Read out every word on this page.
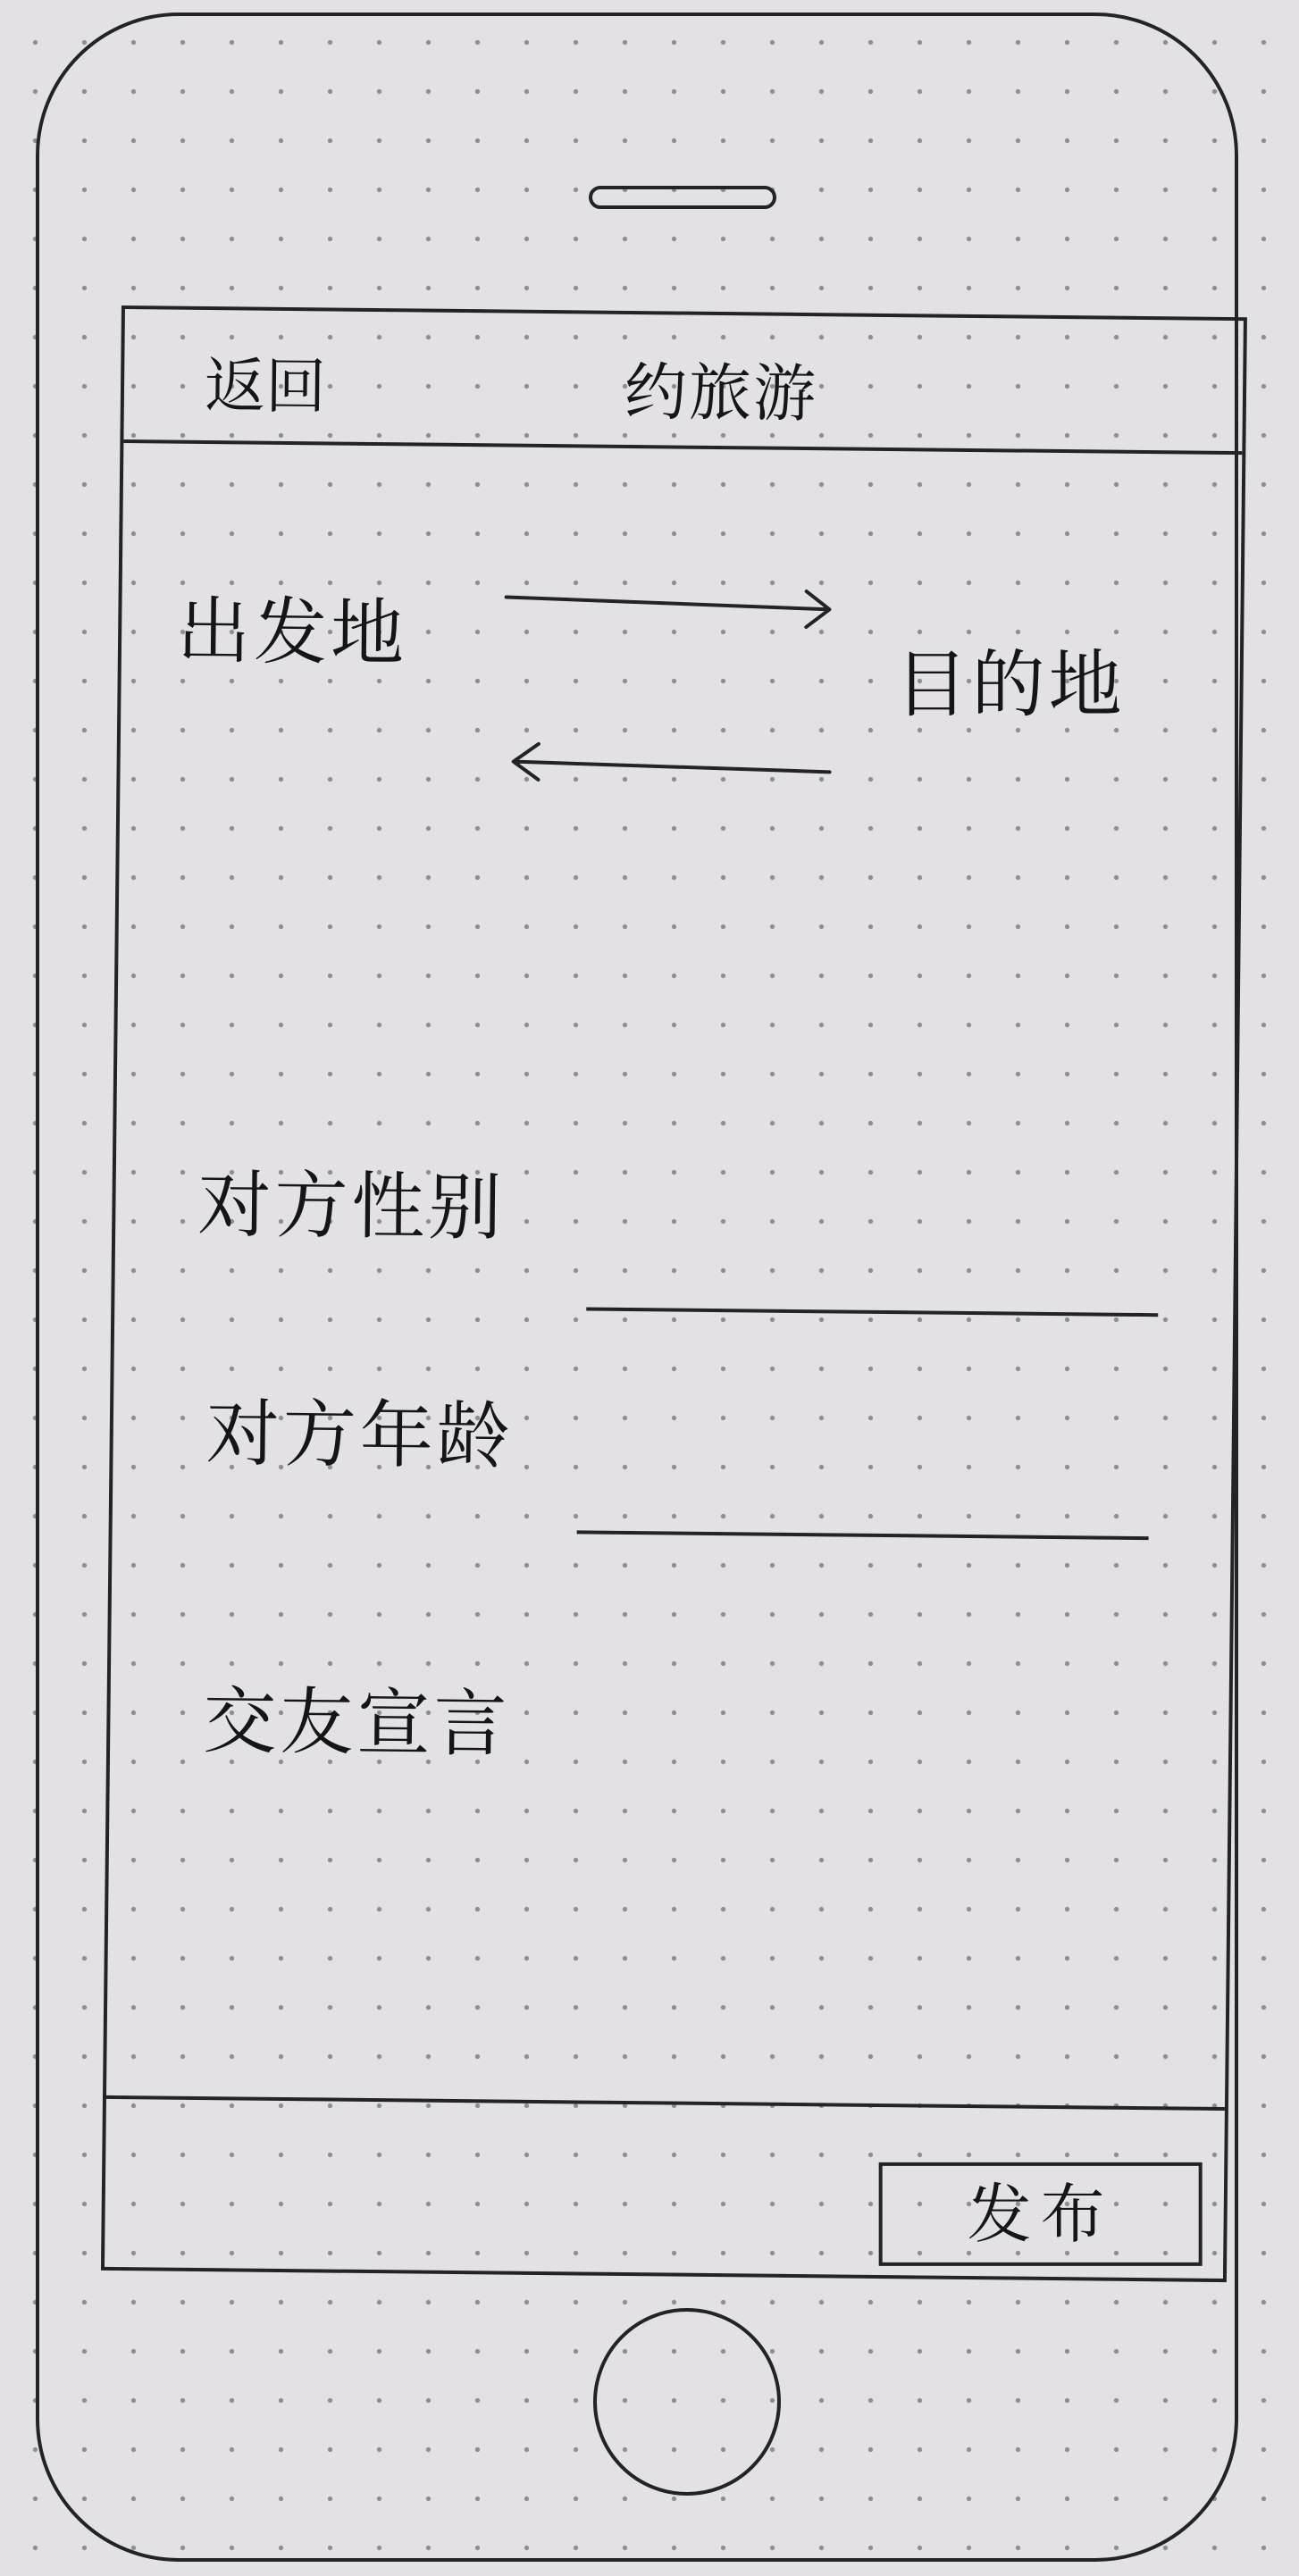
返回	约旅游
出发地
目的地
对方性别
对方年龄
交友宣言
发布
